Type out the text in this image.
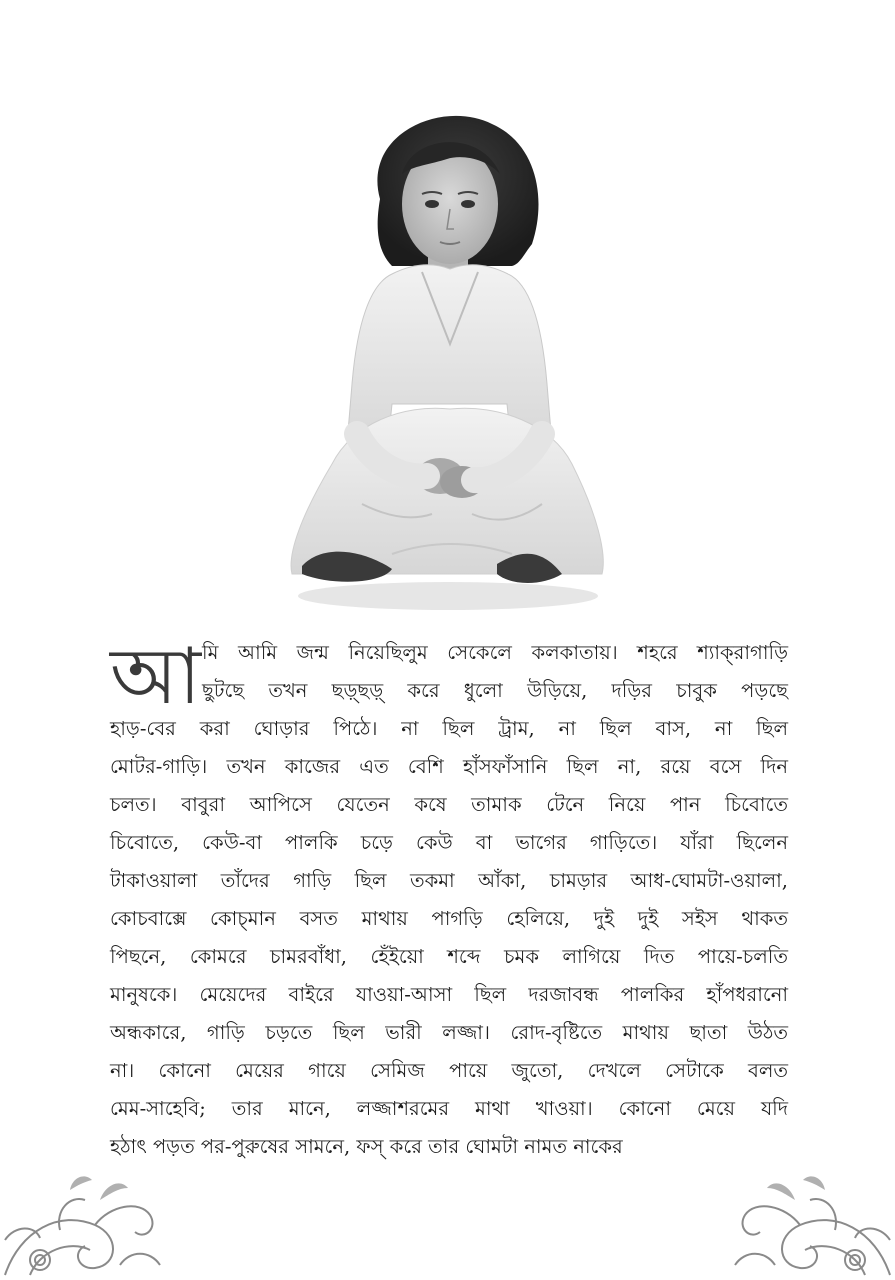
আ মি আমি জন্ম নিয়েছিলুম সেকেলে কলকাতায়। শহরে শ্যাক্‌রাগাড়ি
ছুটছে তখন ছড়্‌ছড়্‌ করে ধুলো উড়িয়ে, দড়ির চাবুক পড়ছে
হাড়-বের করা ঘোড়ার পিঠে। না ছিল ট্রাম, না ছিল বাস, না ছিল
মোটর-গাড়ি। তখন কাজের এত বেশি হাঁসফাঁসানি ছিল না, রয়ে বসে দিন
চলত। বাবুরা আপিসে যেতেন কষে তামাক টেনে নিয়ে পান চিবোতে
চিবোতে, কেউ-বা পালকি চড়ে কেউ বা ভাগের গাড়িতে। যাঁরা ছিলেন
টাকাওয়ালা তাঁদের গাড়ি ছিল তকমা আঁকা, চামড়ার আধ-ঘোমটা-ওয়ালা,
কোচবাক্সে কোচ্‌মান বসত মাথায় পাগড়ি হেলিয়ে, দুই দুই সইস থাকত
পিছনে, কোমরে চামরবাঁধা, হেঁইয়ো শব্দে চমক লাগিয়ে দিত পায়ে-চলতি
মানুষকে। মেয়েদের বাইরে যাওয়া-আসা ছিল দরজাবন্ধ পালকির হাঁপধরানো
অন্ধকারে, গাড়ি চড়তে ছিল ভারী লজ্জা। রোদ-বৃষ্টিতে মাথায় ছাতা উঠত
না। কোনো মেয়ের গায়ে সেমিজ পায়ে জুতো, দেখলে সেটাকে বলত
মেম-সাহেবি; তার মানে, লজ্জাশরমের মাথা খাওয়া। কোনো মেয়ে যদি
হঠাৎ পড়ত পর-পুরুষের সামনে, ফস্‌ করে তার ঘোমটা নামত নাকের
